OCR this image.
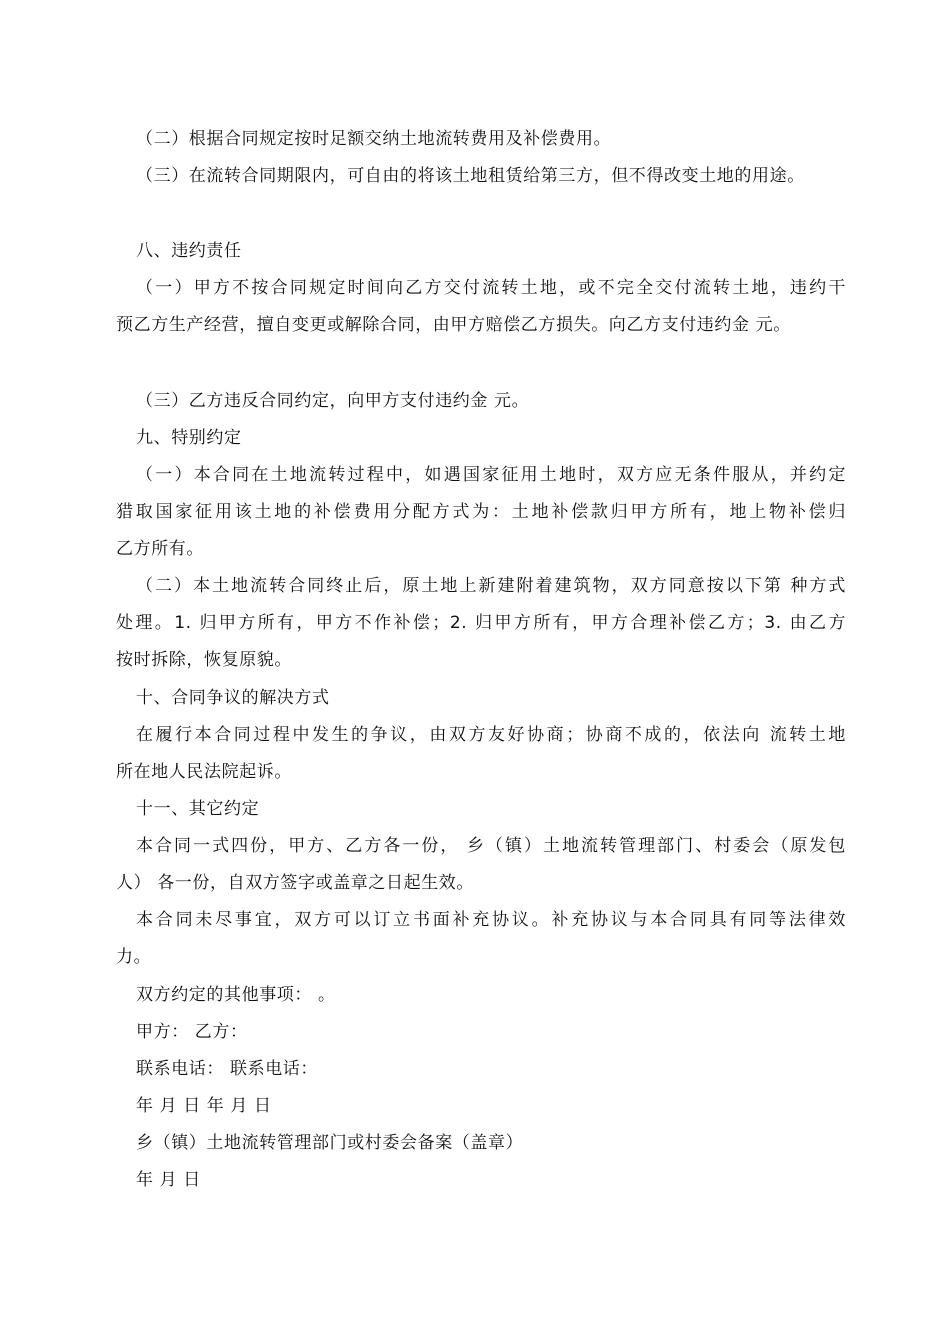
（二）根据合同规定按时足额交纳土地流转费用及补偿费用。
（三）在流转合同期限内，可自由的将该土地租赁给第三方，但不得改变土地的用途。
八、违约责任
（一）甲方不按合同规定时间向乙方交付流转土地，或不完全交付流转土地，违约干
预乙方生产经营，擅自变更或解除合同，由甲方赔偿乙方损失。向乙方支付违约金 元。
（三）乙方违反合同约定，向甲方支付违约金 元。
九、特别约定
（一）本合同在土地流转过程中，如遇国家征用土地时，双方应无条件服从，并约定
猎取国家征用该土地的补偿费用分配方式为：土地补偿款归甲方所有，地上物补偿归
乙方所有。
（二）本土地流转合同终止后，原土地上新建附着建筑物，双方同意按以下第 种方式
处理。1. 归甲方所有，甲方不作补偿；2. 归甲方所有，甲方合理补偿乙方；3. 由乙方
按时拆除，恢复原貌。
十、合同争议的解决方式
在履行本合同过程中发生的争议，由双方友好协商；协商不成的，依法向 流转土地
所在地人民法院起诉。
十一、其它约定
本合同一式四份，甲方、乙方各一份， 乡（镇）土地流转管理部门、村委会（原发包
人） 各一份，自双方签字或盖章之日起生效。
本合同未尽事宜，双方可以订立书面补充协议。补充协议与本合同具有同等法律效
力。
双方约定的其他事项： 。
甲方： 乙方：
联系电话： 联系电话：
年 月 日 年 月 日
乡（镇）土地流转管理部门或村委会备案（盖章）
年 月 日
